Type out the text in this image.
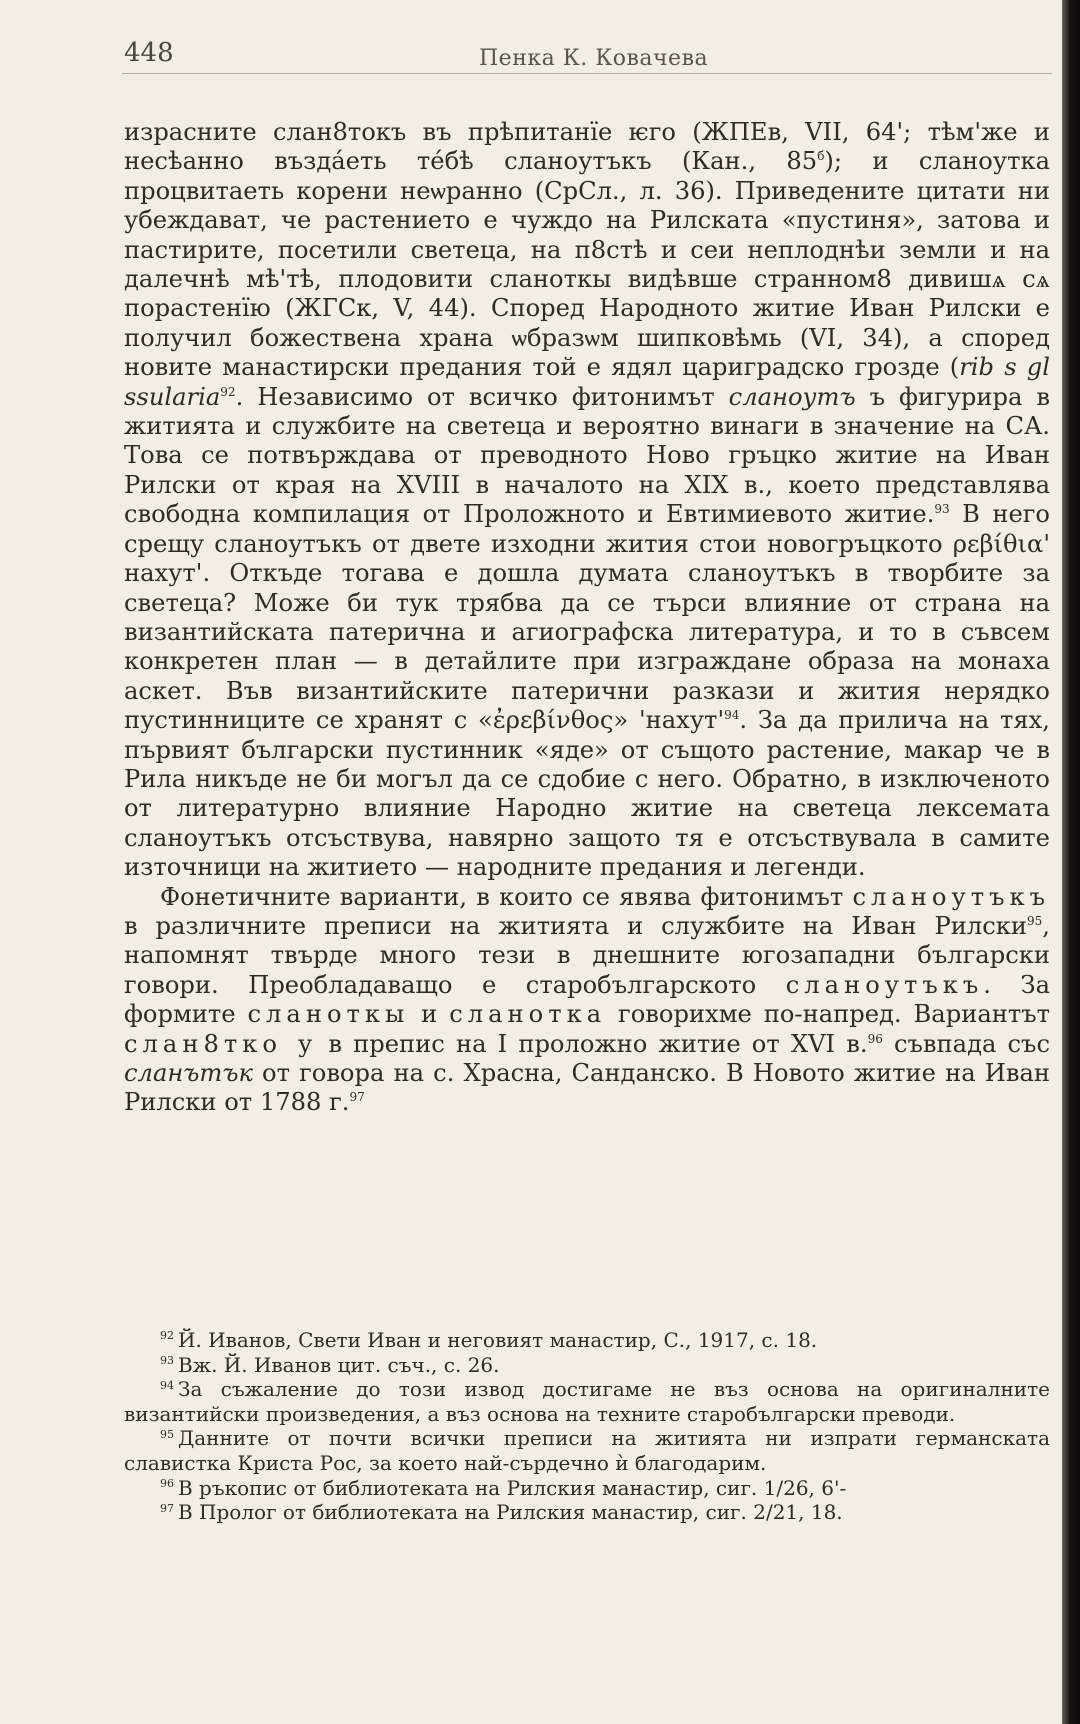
448	Пенка К. Ковачева

израсните слан8токъ въ прѣпитанїе ѥго (ЖПЕв, VII, 64'; тѣм'же и несѣанно въздáеть тéбѣ сланоутъкъ (Кан., $85^б$); и сланоутка процвитаеть корени неѡранно (СрСл., л. 36). Приведените цитати ни убеждават, че растението е чуждо на Рилската «пустиня», затова и пастирите, посетили светеца, на п8стѣ и сеи неплоднѣи земли и на далечнѣ мѣ'тѣ, плодовити сланоткы видѣвше странном8 дивишѧ сѧ порастенїю (ЖГСк, V, 44). Според Народното житие Иван Рилски е получил божествена храна ѡбразѡм шипковѣмь (VI, 34), а според новите манастирски предания той е ядял цариградско грозде (rib s gl ssularia$^{92}$. Независимо от всичко фитонимът сланоутъ ъ фигурира в житията и службите на светеца и вероятно винаги в значение на СА. Това се потвърждава от преводното Ново гръцко житие на Иван Рилски от края на XVIII в началото на XIX в., което представлява свободна компилация от Проложното и Евтимиевото житие.$^{93}$ В него срещу сланоутъкъ от двете изходни жития стои новогръцкото ρεβίθια' нахут'. Откъде тогава е дошла думата сланоутъкъ в творбите за светеца? Може би тук трябва да се търси влияние от страна на византийската патерична и агиографска литература, и то в съвсем конкретен план — в детайлите при изграждане образа на монаха аскет. Във византийските патерични разкази и жития нерядко пустинниците се хранят с «ἐρεβίνθος» '$нахут'^{94}$. За да прилича на тях, първият български пустинник «яде» от същото растение, макар че в Рила никъде не би могъл да се сдобие с него. Обратно, в изключеното от литературно влияние Народно житие на светеца лексемата сланоутъкъ отсъствува, навярно защото тя е отсъствувала в самите източници на житието — народните предания и легенди.

Фонетичните варианти, в които се явява фитонимът сланоутъкъ в различните преписи на житията и службите на Иван Рилски$^{95}$, напомнят твърде много тези в днешните югозападни български говори. Преобладаващо е старобългарското сланоутъкъ. За формите сланоткы и сланотка говорихме по-напред. Вариантът слан8тко у в препис на I проложно житие от XVI в.$^{96}$ съвпада със сланътък от говора на с. Храсна, Санданско. В Новото житие на Иван Рилски от 1788 г.$^{97}$

$^{92}$ Й. Иванов, Свети Иван и неговият манастир, С., 1917, с. 18.

$^{93}$ Вж. Й. Иванов цит. съч., с. 26.

$^{94}$ За съжаление до този извод достигаме не въз основа на оригиналните византийски произведения, а въз основа на техните старобългарски преводи.

$^{95}$ Данните от почти всички преписи на житията ни изпрати германската славистка Криста Рос, за което най-сърдечно ѝ благодарим.

$^{96}$ В ръкопис от библиотеката на Рилския манастир, сиг. 1/26, 6'-

$^{97}$ В Пролог от библиотеката на Рилския манастир, сиг. 2/21, 18.
